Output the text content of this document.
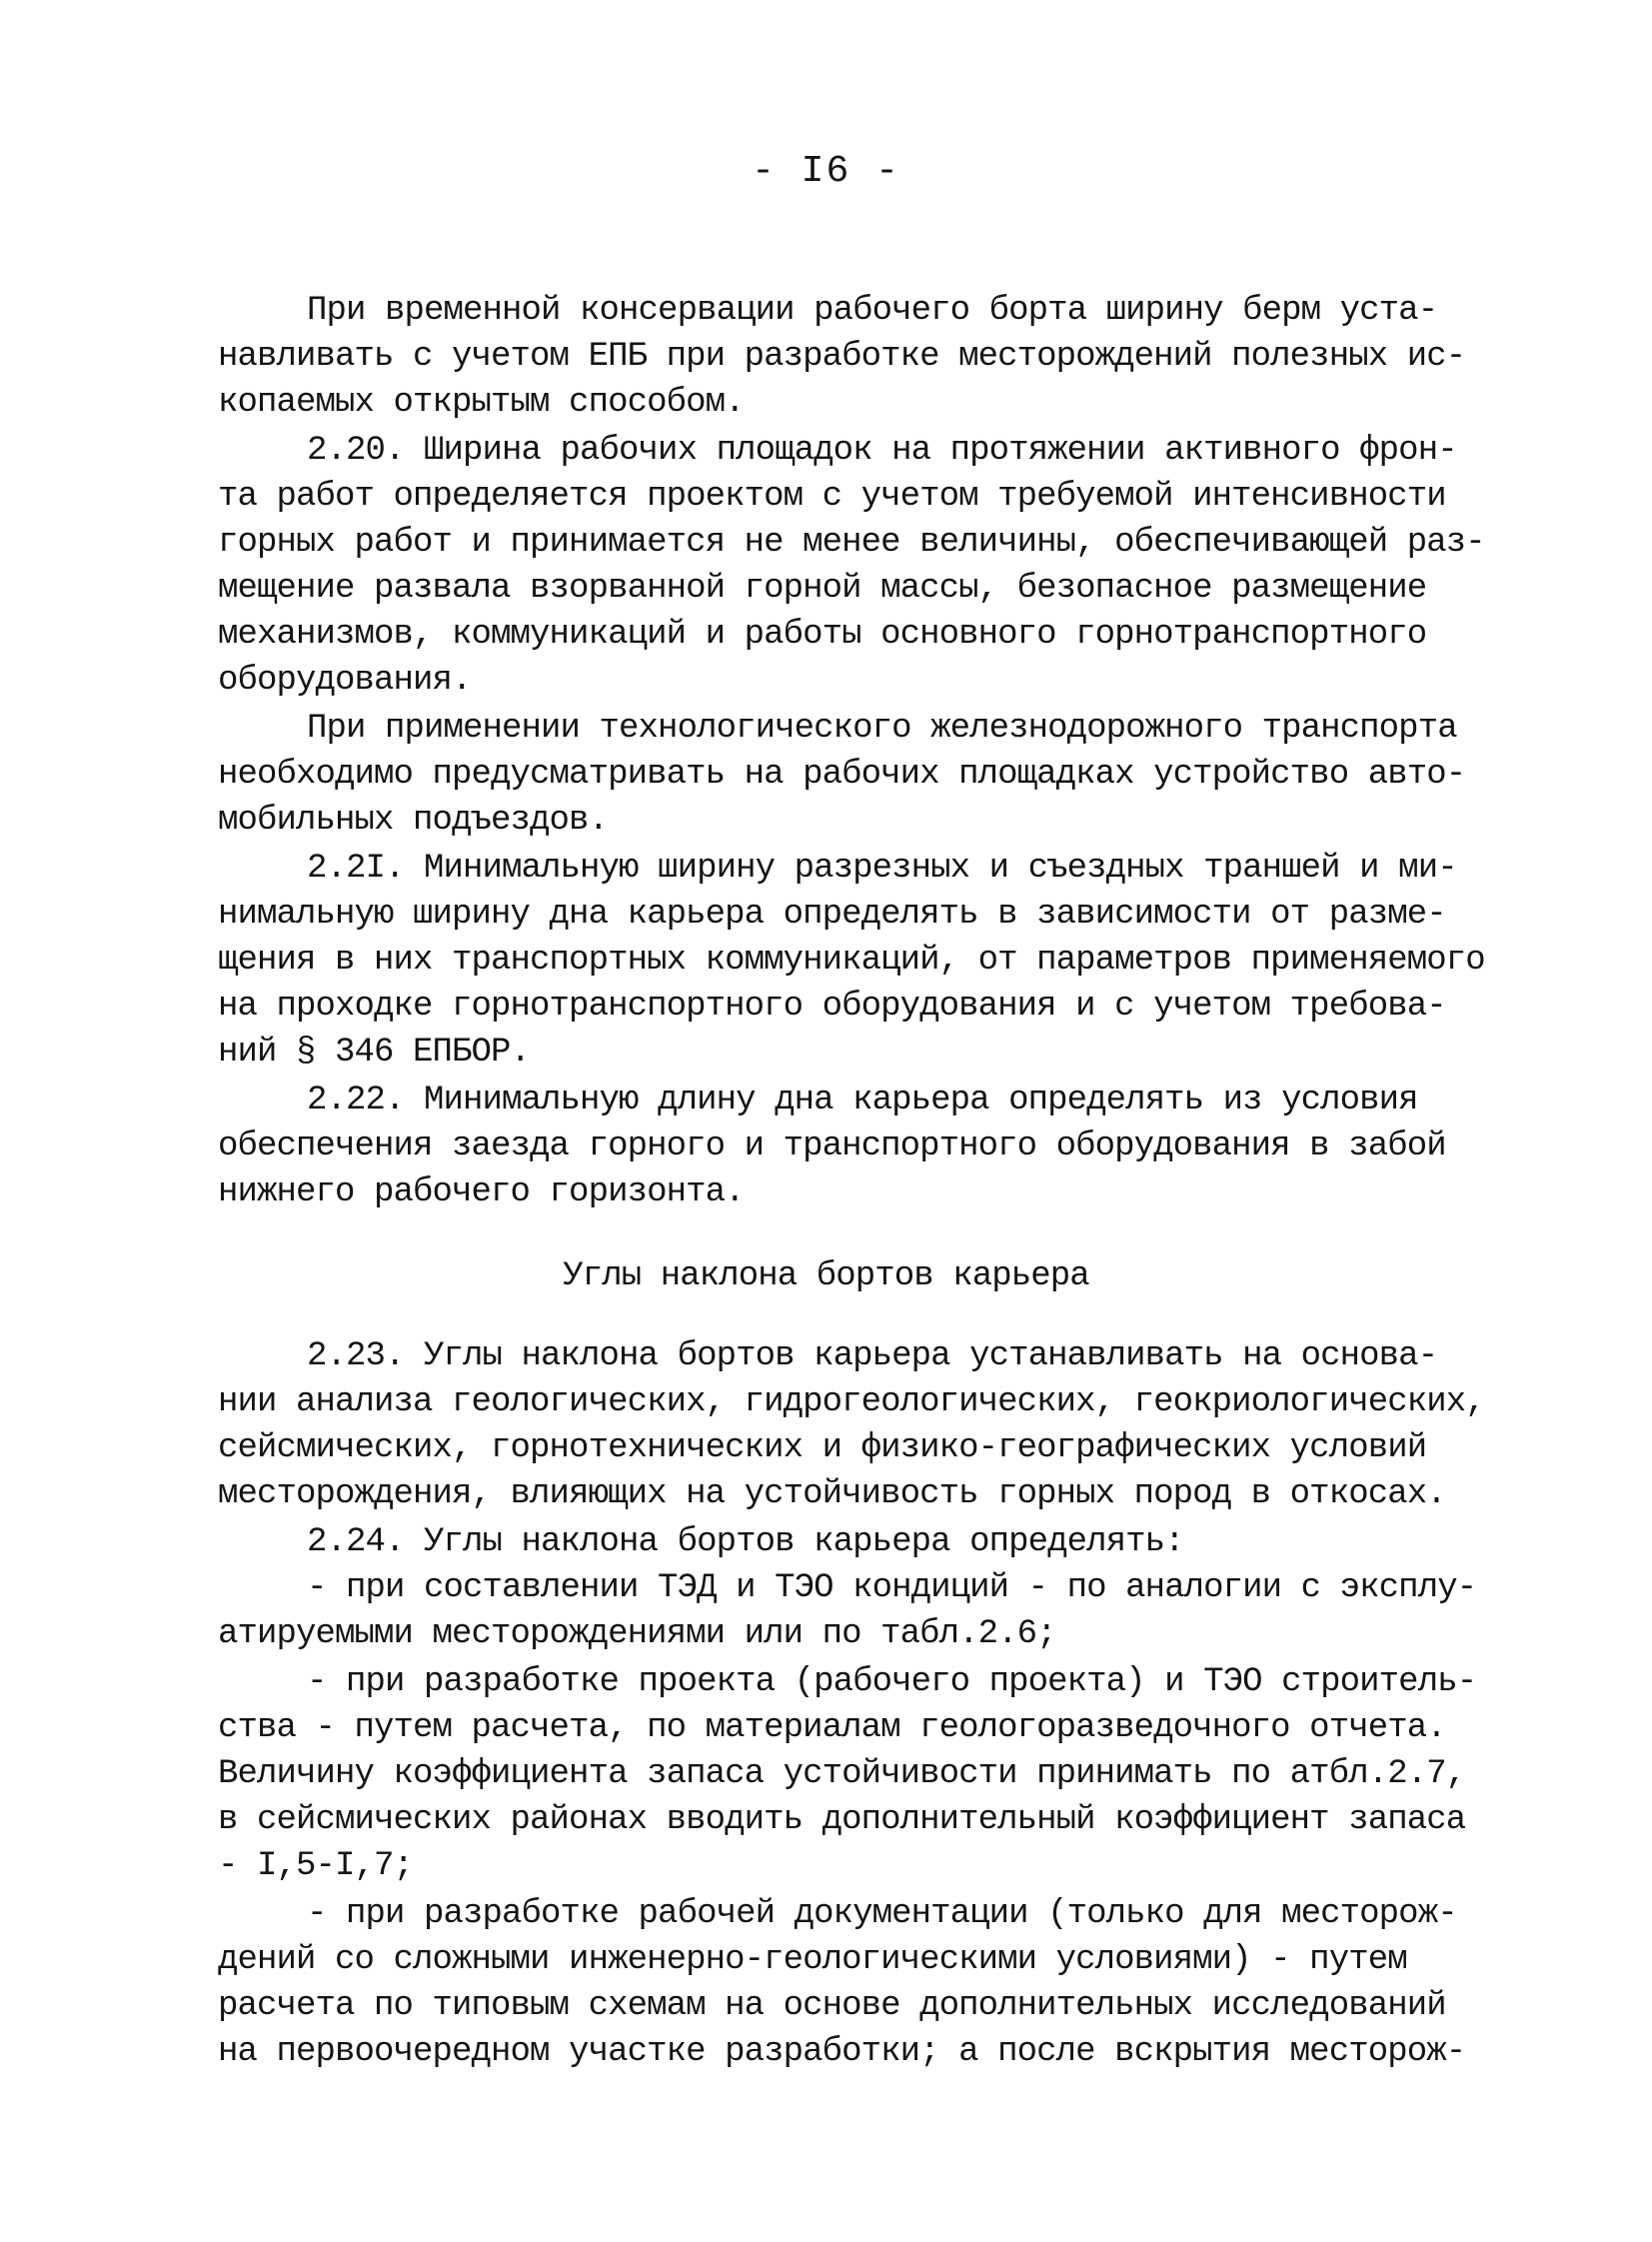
- I6 -
При временной консервации рабочего борта ширину берм уста-
навливать с учетом ЕПБ при разработке месторождений полезных ис-
копаемых открытым способом.
2.20. Ширина рабочих площадок на протяжении активного фрон-
та работ определяется проектом с учетом требуемой интенсивности
горных работ и принимается не менее величины, обеспечивающей раз-
мещение развала взорванной горной массы, безопасное размещение
механизмов, коммуникаций и работы основного горнотранспортного
оборудования.
При применении технологического железнодорожного транспорта
необходимо предусматривать на рабочих площадках устройство авто-
мобильных подъездов.
2.2I. Минимальную ширину разрезных и съездных траншей и ми-
нимальную ширину дна карьера определять в зависимости от разме-
щения в них транспортных коммуникаций, от параметров применяемого
на проходке горнотранспортного оборудования и с учетом требова-
ний § 346 ЕПБОР.
2.22. Минимальную длину дна карьера определять из условия
обеспечения заезда горного и транспортного оборудования в забой
нижнего рабочего горизонта.
Углы наклона бортов карьера
2.23. Углы наклона бортов карьера устанавливать на основа-
нии анализа геологических, гидрогеологических, геокриологических,
сейсмических, горнотехнических и физико-географических условий
месторождения, влияющих на устойчивость горных пород в откосах.
2.24. Углы наклона бортов карьера определять:
- при составлении ТЭД и ТЭО кондиций - по аналогии с эксплу-
атируемыми месторождениями или по табл.2.6;
- при разработке проекта (рабочего проекта) и ТЭО строитель-
ства - путем расчета, по материалам геологоразведочного отчета.
Величину коэффициента запаса устойчивости принимать по атбл.2.7,
в сейсмических районах вводить дополнительный коэффициент запаса
- I,5-I,7;
- при разработке рабочей документации (только для месторож-
дений со сложными инженерно-геологическими условиями) - путем
расчета по типовым схемам на основе дополнительных исследований
на первоочередном участке разработки; а после вскрытия месторож-
